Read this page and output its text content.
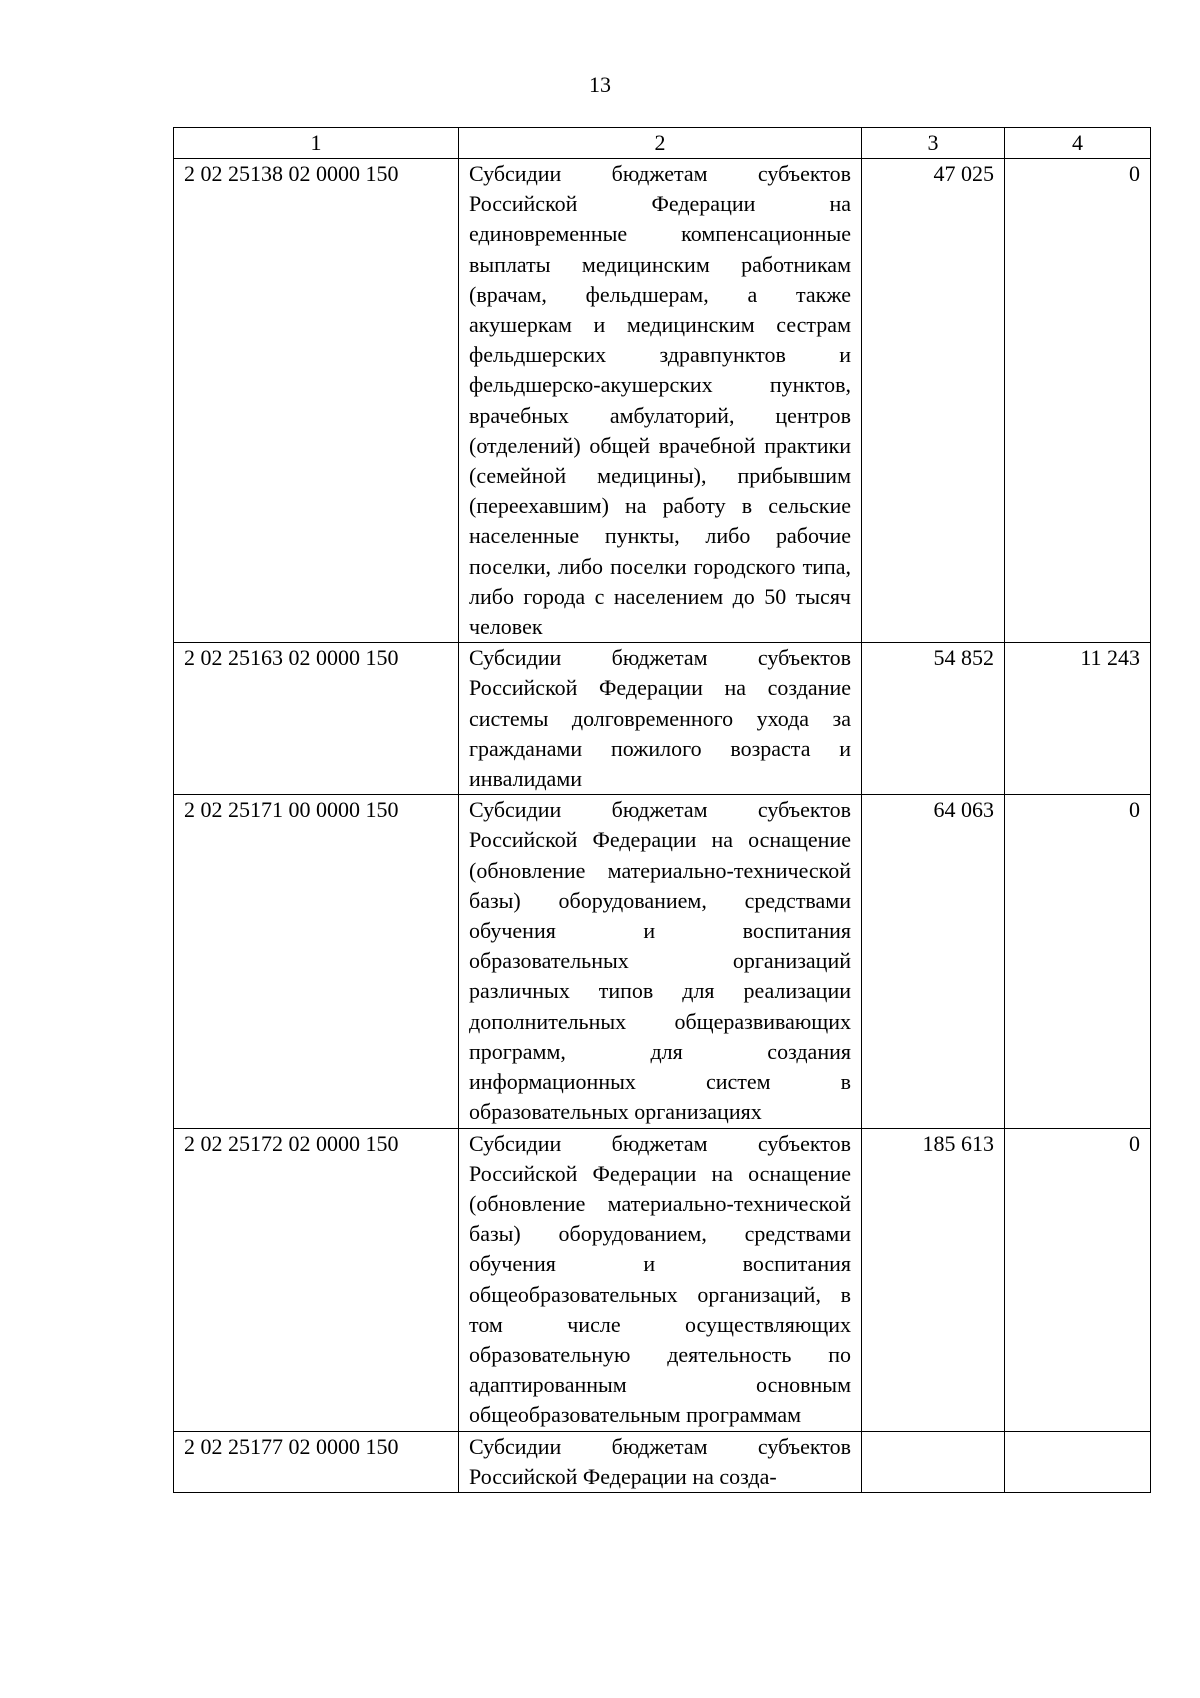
13
1	2	3	4
2 02 25138 02 0000 150	Субсидии бюджетам субъектов Российской Федерации на единовременные компенсационные выплаты медицинским работникам (врачам, фельдшерам, а также акушеркам и медицинским сестрам фельдшерских здравпунктов и фельдшерско-акушерских пунктов, врачебных амбулаторий, центров (отделений) общей врачебной практики (семейной медицины), прибывшим (переехавшим) на работу в сельские населенные пункты, либо рабочие поселки, либо поселки городского типа, либо города с населением до 50 тысяч человек	47 025	0
2 02 25163 02 0000 150	Субсидии бюджетам субъектов Российской Федерации на создание системы долговременного ухода за гражданами пожилого возраста и инвалидами	54 852	11 243
2 02 25171 00 0000 150	Субсидии бюджетам субъектов Российской Федерации на оснащение (обновление материально-технической базы) оборудованием, средствами обучения и воспитания образовательных организаций различных типов для реализации дополнительных общеразвивающих программ, для создания информационных систем в образовательных организациях	64 063	0
2 02 25172 02 0000 150	Субсидии бюджетам субъектов Российской Федерации на оснащение (обновление материально-технической базы) оборудованием, средствами обучения и воспитания общеобразовательных организаций, в том числе осуществляющих образовательную деятельность по адаптированным основным общеобразовательным программам	185 613	0
2 02 25177 02 0000 150	Субсидии бюджетам субъектов Российской Федерации на созда-		
